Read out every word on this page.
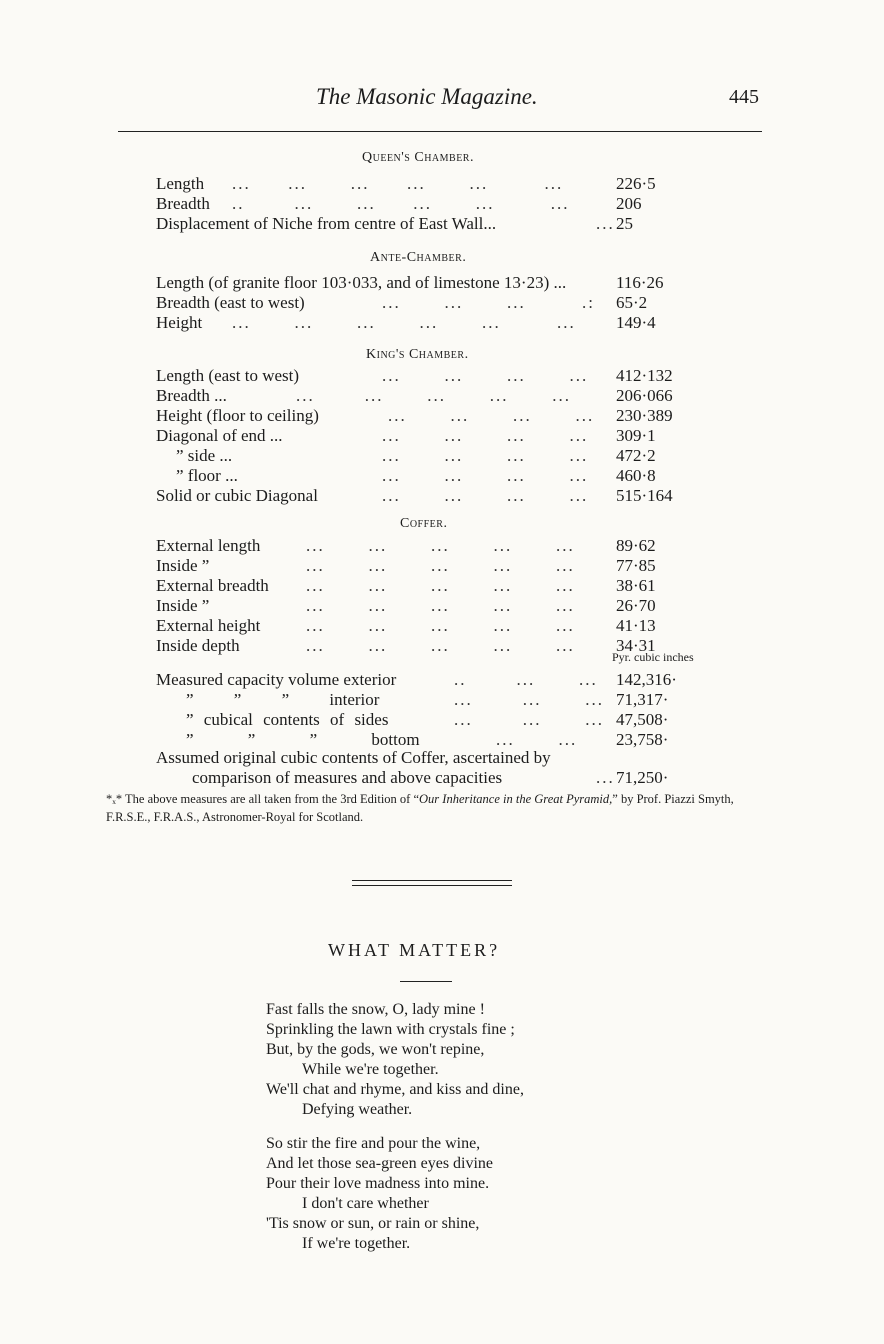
The Masonic Magazine.	445
Queen's Chamber.
Length ...      ...       ...      ...       ...         ...	226·5
Breadth ..        ...       ...      ...       ...         ...	206
Displacement of Niche from centre of East Wall...	... 25
Ante-Chamber.
Length (of granite floor 103·033, and of limestone 13·23) ...	116·26
Breadth (east to west)	...       ...       ...         .:	65·2
Height ...       ...       ...       ...       ...         ... 149·4
King's Chamber.
Length (east to west)	...       ...       ...       ... 412·132
Breadth ...	...        ...       ...       ...       ...	206·066
Height (floor to ceiling)	...       ...       ...       ... 230·389
Diagonal of end ...	...       ...       ...       ... 309·1
” side ...	...       ...       ...       ... 472·2
” floor ...	...       ...       ...       ... 460·8
Solid or cubic Diagonal	...       ...       ...       ... 515·164
Coffer.
External length	...       ...       ...       ...       ...	89·62
Inside ”	...       ...       ...       ...       ...	77·85
External breadth ...       ...       ...       ...       ...	38·61
Inside ”	...       ...       ...       ...       ...	26·70
External height	...       ...       ...       ...       ...	41·13
Inside depth	...       ...       ...       ...       ...	34·31
Pyr. cubic inches
Measured capacity volume exterior	..        ...       ... 142,316·
” ” ” interior	...        ...       ... 71,317·
” cubical contents of sides	...        ...       ... 47,508·
” ” ” bottom	...       ...	23,758·
Assumed original cubic contents of Coffer, ascertained by
comparison of measures and above capacities	... 71,250·
*ₓ* The above measures are all taken from the 3rd Edition of “Our Inheritance in the Great Pyramid,” by Prof. Piazzi Smyth, F.R.S.E., F.R.A.S., Astronomer-Royal for Scotland.
WHAT MATTER?
Fast falls the snow, O, lady mine !
Sprinkling the lawn with crystals fine ;
But, by the gods, we won't repine,
While we're together.
We'll chat and rhyme, and kiss and dine,
Defying weather.
So stir the fire and pour the wine,
And let those sea-green eyes divine
Pour their love madness into mine.
I don't care whether
'Tis snow or sun, or rain or shine,
If we're together.
